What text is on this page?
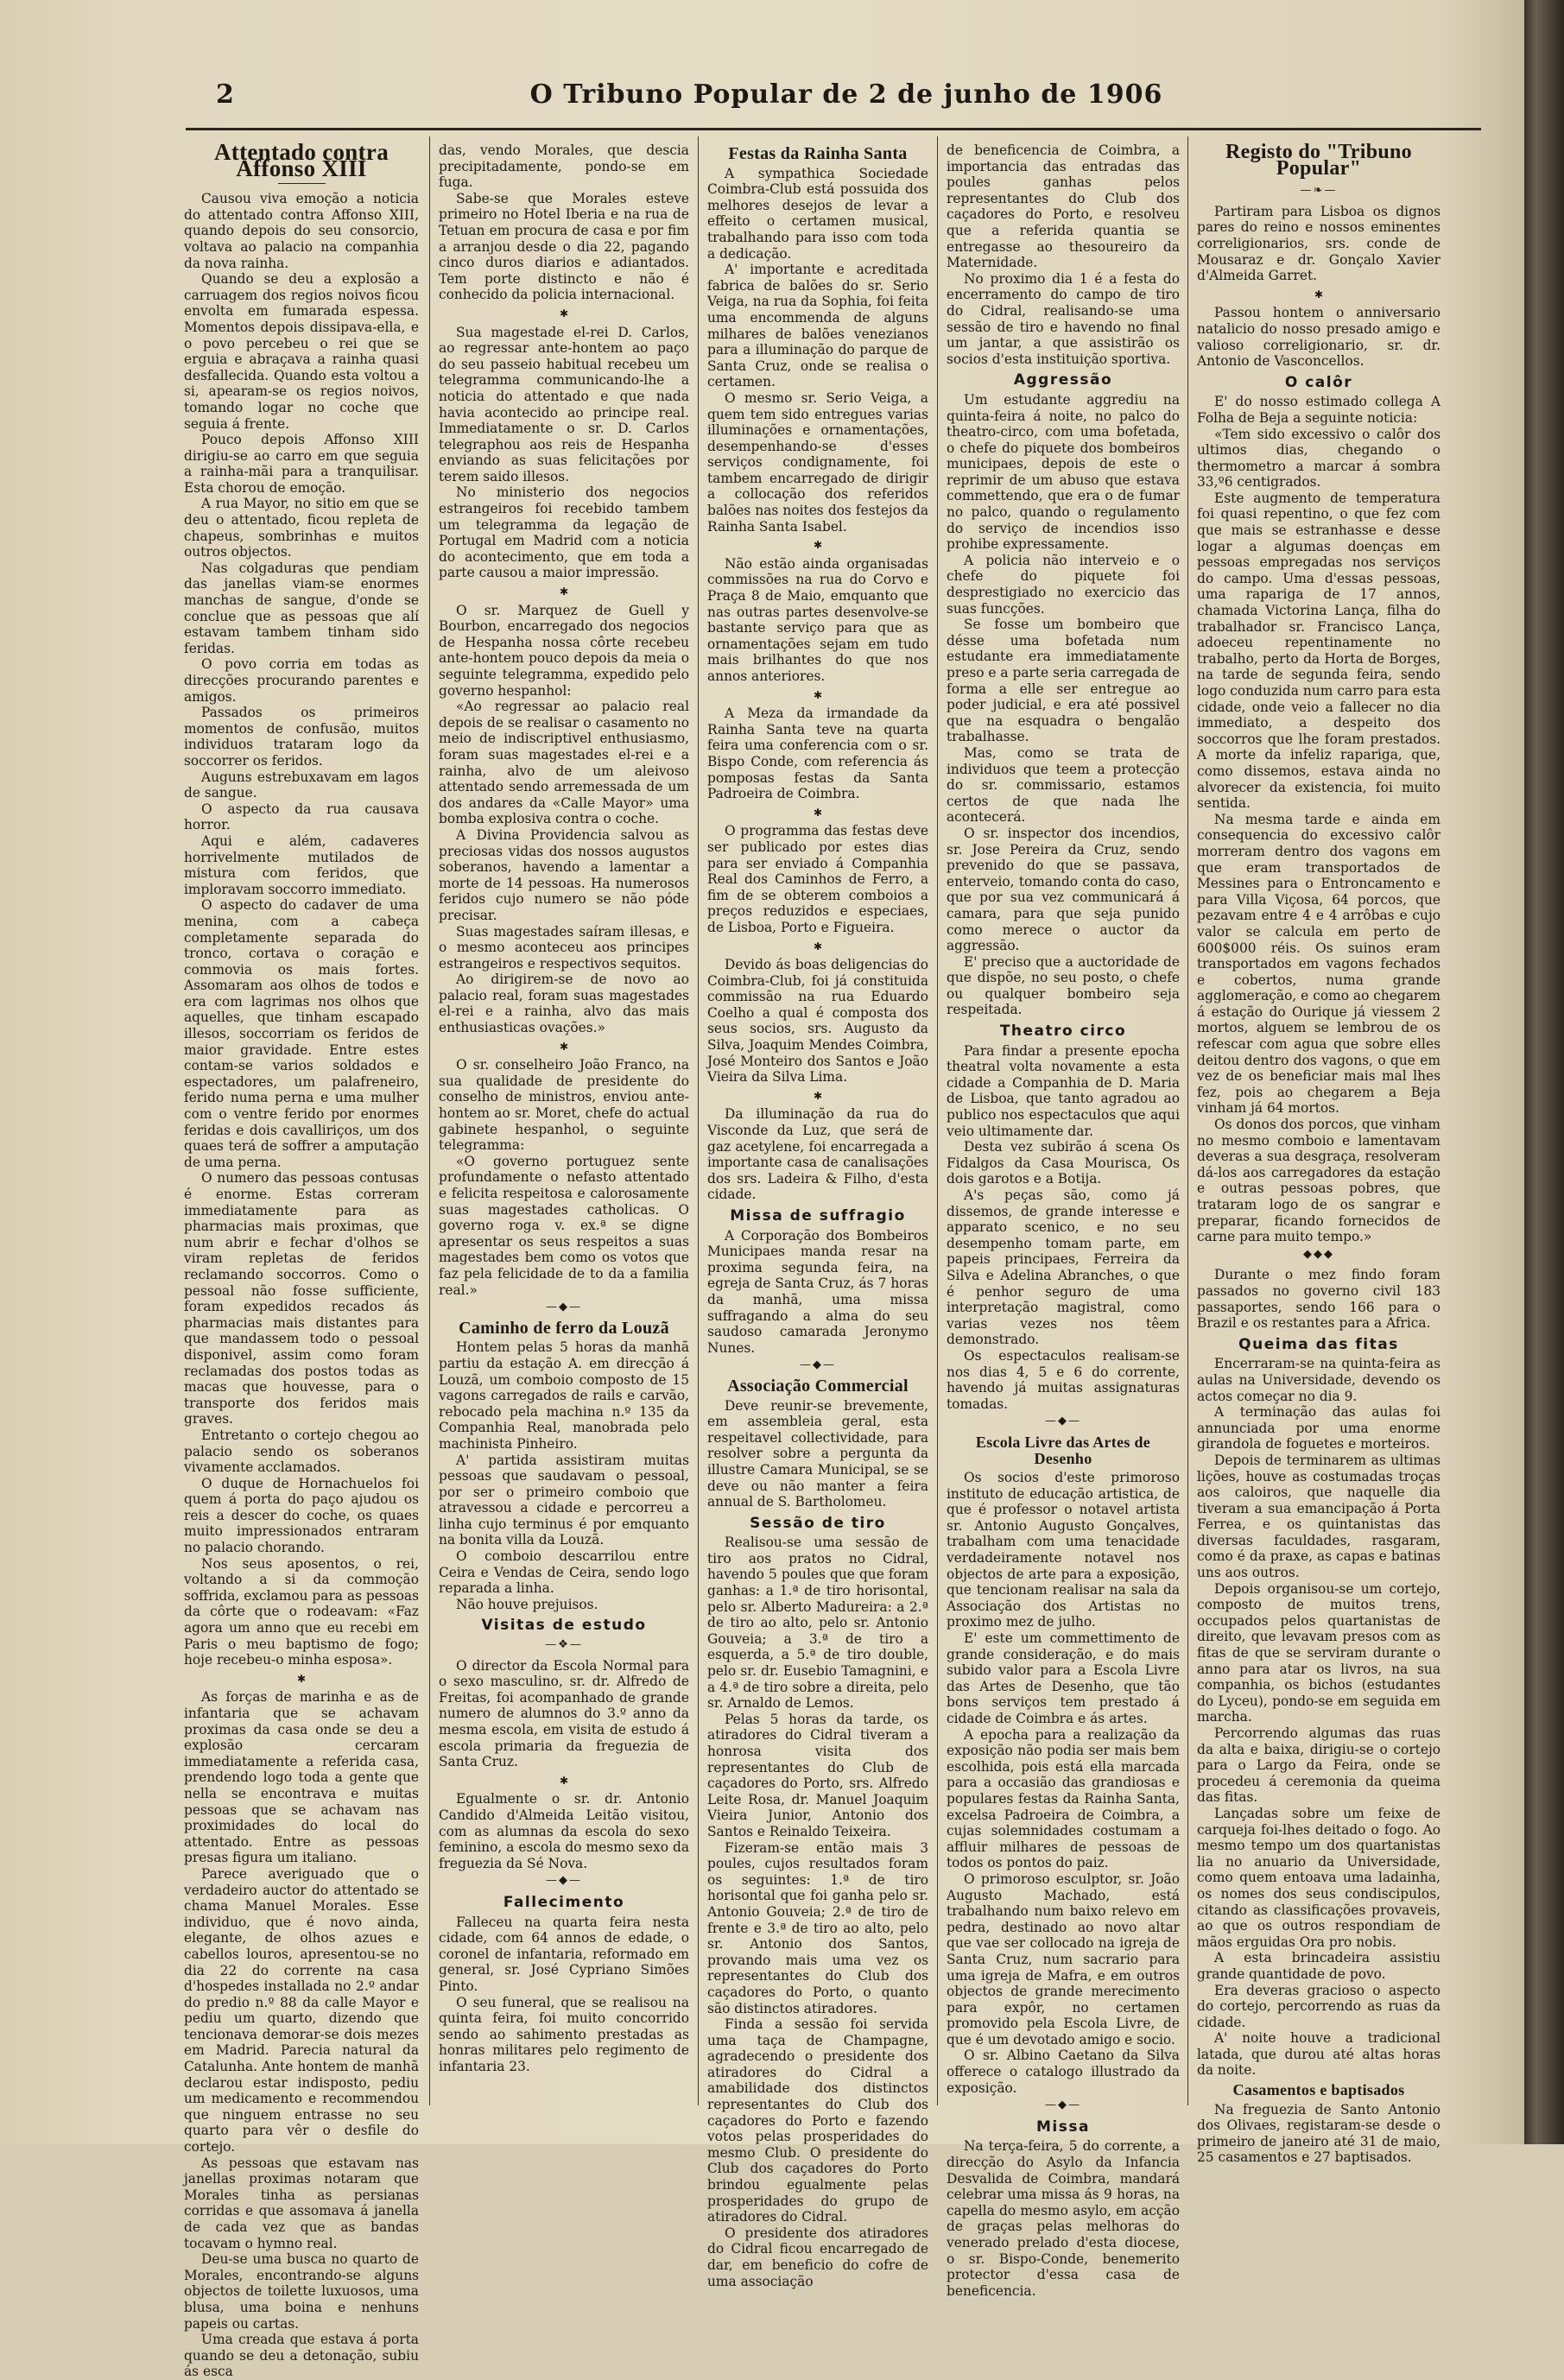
2	O Tribuno Popular de 2 de junho de 1906
Attentado contra Affonso XIII

Causou viva emoção a noticia do attentado contra Affonso XIII, quando depois do seu consorcio, voltava ao palacio na companhia da nova rainha.

Quando se deu a explosão a carruagem dos regios noivos ficou envolta em fumarada espessa. Momentos depois dissipava-ella, e o povo percebeu o rei que se erguia e abraçava a rainha quasi desfallecida. Quando esta voltou a si, apearam-se os regios noivos, tomando logar no coche que seguia á frente.

Pouco depois Affonso XIII dirigiu-se ao carro em que seguia a rainha-mãi para a tranquilisar. Esta chorou de emoção.

A rua Mayor, no sitio em que se deu o attentado, ficou repleta de chapeus, sombrinhas e muitos outros objectos.

Nas colgaduras que pendiam das janellas viam-se enormes manchas de sangue, d'onde se conclue que as pessoas que alí estavam tambem tinham sido feridas.

O povo corria em todas as direcções procurando parentes e amigos.

Passados os primeiros momentos de confusão, muitos individuos trataram logo da soccorrer os feridos.

Auguns estrebuxavam em lagos de sangue.

O aspecto da rua causava horror.

Aqui e além, cadaveres horrivelmente mutilados de mistura com feridos, que imploravam soccorro immediato.

O aspecto do cadaver de uma menina, com a cabeça completamente separada do tronco, cortava o coração e commovia os mais fortes. Assomaram aos olhos de todos e era com lagrimas nos olhos que aquelles, que tinham escapado illesos, soccorriam os feridos de maior gravidade. Entre estes contam-se varios soldados e espectadores, um palafreneiro, ferido numa perna e uma mulher com o ventre ferido por enormes feridas e dois cavalliriços, um dos quaes terá de soffrer a amputação de uma perna.

O numero das pessoas contusas é enorme. Estas correram immediatamente para as pharmacias mais proximas, que num abrir e fechar d'olhos se viram repletas de feridos reclamando soccorros. Como o pessoal não fosse sufficiente, foram expedidos recados ás pharmacias mais distantes para que mandassem todo o pessoal disponivel, assim como foram reclamadas dos postos todas as macas que houvesse, para o transporte dos feridos mais graves.

Entretanto o cortejo chegou ao palacio sendo os soberanos vivamente acclamados.

O duque de Hornachuelos foi quem á porta do paço ajudou os reis a descer do coche, os quaes muito impressionados entraram no palacio chorando.

Nos seus aposentos, o rei, voltando a si da commoção soffrida, exclamou para as pessoas da côrte que o rodeavam: «Faz agora um anno que eu recebi em Paris o meu baptismo de fogo; hoje recebeu-o minha esposa».

✱

As forças de marinha e as de infantaria que se achavam proximas da casa onde se deu a explosão cercaram immediatamente a referida casa, prendendo logo toda a gente que nella se encontrava e muitas pessoas que se achavam nas proximidades do local do attentado. Entre as pessoas presas figura um italiano.

Parece averiguado que o verdadeiro auctor do attentado se chama Manuel Morales. Esse individuo, que é novo ainda, elegante, de olhos azues e cabellos louros, apresentou-se no dia 22 do corrente na casa d'hospedes installada no 2.º andar do predio n.º 88 da calle Mayor e pediu um quarto, dizendo que tencionava demorar-se dois mezes em Madrid. Parecia natural da Catalunha. Ante hontem de manhã declarou estar indisposto, pediu um medicamento e recommendou que ninguem entrasse no seu quarto para vêr o desfile do cortejo.

As pessoas que estavam nas janellas proximas notaram que Morales tinha as persianas corridas e que assomava á janella de cada vez que as bandas tocavam o hymno real.

Deu-se uma busca no quarto de Morales, encontrando-se alguns objectos de toilette luxuosos, uma blusa, uma boina e nenhuns papeis ou cartas.

Uma creada que estava á porta quando se deu a detonação, subiu ás esca

das, vendo Morales, que descia precipitadamente, pondo-se em fuga.

Sabe-se que Morales esteve primeiro no Hotel Iberia e na rua de Tetuan em procura de casa e por fim a arranjou desde o dia 22, pagando cinco duros diarios e adiantados. Tem porte distincto e não é conhecido da policia internacional.

✱

Sua magestade el-rei D. Carlos, ao regressar ante-hontem ao paço do seu passeio habitual recebeu um telegramma communicando-lhe a noticia do attentado e que nada havia acontecido ao principe real. Immediatamente o sr. D. Carlos telegraphou aos reis de Hespanha enviando as suas felicitações por terem saido illesos.

No ministerio dos negocios estrangeiros foi recebido tambem um telegramma da legação de Portugal em Madrid com a noticia do acontecimento, que em toda a parte causou a maior impressão.

✱

O sr. Marquez de Guell y Bourbon, encarregado dos negocios de Hespanha nossa côrte recebeu ante-hontem pouco depois da meia o seguinte telegramma, expedido pelo governo hespanhol:

«Ao regressar ao palacio real depois de se realisar o casamento no meio de indiscriptivel enthusiasmo, foram suas magestades el-rei e a rainha, alvo de um aleivoso attentado sendo arremessada de um dos andares da «Calle Mayor» uma bomba explosiva contra o coche.

A Divina Providencia salvou as preciosas vidas dos nossos augustos soberanos, havendo a lamentar a morte de 14 pessoas. Ha numerosos feridos cujo numero se não póde precisar.

Suas magestades saíram illesas, e o mesmo aconteceu aos principes estrangeiros e respectivos sequitos.

Ao dirigirem-se de novo ao palacio real, foram suas magestades el-rei e a rainha, alvo das mais enthusiasticas ovações.»

✱

O sr. conselheiro João Franco, na sua qualidade de presidente do conselho de ministros, enviou ante-hontem ao sr. Moret, chefe do actual gabinete hespanhol, o seguinte telegramma:

«O governo portuguez sente profundamente o nefasto attentado e felicita respeitosa e calorosamente suas magestades catholicas. O governo roga v. ex.ª se digne apresentar os seus respeitos a suas magestades bem como os votos que faz pela felicidade de to da a familia real.»

—◆—
Caminho de ferro da Louzã

Hontem pelas 5 horas da manhã partiu da estação A. em direcção á Louzã, um comboio composto de 15 vagons carregados de rails e carvão, rebocado pela machina n.º 135 da Companhia Real, manobrada pelo machinista Pinheiro.

A' partida assistiram muitas pessoas que saudavam o pessoal, por ser o primeiro comboio que atravessou a cidade e percorreu a linha cujo terminus é por emquanto na bonita villa da Louzã.

O comboio descarrilou entre Ceira e Vendas de Ceira, sendo logo reparada a linha.

Não houve prejuisos.

Visitas de estudo
—❖—

O director da Escola Normal para o sexo masculino, sr. dr. Alfredo de Freitas, foi acompanhado de grande numero de alumnos do 3.º anno da mesma escola, em visita de estudo á escola primaria da freguezia de Santa Cruz.

✱

Egualmente o sr. dr. Antonio Candido d'Almeida Leitão visitou, com as alumnas da escola do sexo feminino, a escola do mesmo sexo da freguezia da Sé Nova.

—◆—
Fallecimento

Falleceu na quarta feira nesta cidade, com 64 annos de edade, o coronel de infantaria, reformado em general, sr. José Cypriano Simões Pinto.

O seu funeral, que se realisou na quinta feira, foi muito concorrido sendo ao sahimento prestadas as honras militares pelo regimento de infantaria 23.

Festas da Rainha Santa

A sympathica Sociedade Coimbra-Club está possuida dos melhores desejos de levar a effeito o certamen musical, trabalhando para isso com toda a dedicação.

A' importante e acreditada fabrica de balões do sr. Serio Veiga, na rua da Sophia, foi feita uma encommenda de alguns milhares de balões venezianos para a illuminação do parque de Santa Cruz, onde se realisa o certamen.

O mesmo sr. Serio Veiga, a quem tem sido entregues varias illuminações e ornamentações, desempenhando-se d'esses serviços condignamente, foi tambem encarregado de dirigir a collocação dos referidos balões nas noites dos festejos da Rainha Santa Isabel.

✱

Não estão ainda organisadas commissões na rua do Corvo e Praça 8 de Maio, emquanto que nas outras partes desenvolve-se bastante serviço para que as ornamentações sejam em tudo mais brilhantes do que nos annos anteriores.

✱

A Meza da irmandade da Rainha Santa teve na quarta feira uma conferencia com o sr. Bispo Conde, com referencia ás pomposas festas da Santa Padroeira de Coimbra.

✱

O programma das festas deve ser publicado por estes dias para ser enviado á Companhia Real dos Caminhos de Ferro, a fim de se obterem comboios a preços reduzidos e especiaes, de Lisboa, Porto e Figueira.

✱

Devido ás boas deligencias do Coimbra-Club, foi já constituida commissão na rua Eduardo Coelho a qual é composta dos seus socios, srs. Augusto da Silva, Joaquim Mendes Coimbra, José Monteiro dos Santos e João Vieira da Silva Lima.

✱

Da illuminação da rua do Visconde da Luz, que será de gaz acetylene, foi encarregada a importante casa de canalisações dos srs. Ladeira & Filho, d'esta cidade.

Missa de suffragio

A Corporação dos Bombeiros Municipaes manda resar na proxima segunda feira, na egreja de Santa Cruz, ás 7 horas da manhã, uma missa suffragando a alma do seu saudoso camarada Jeronymo Nunes.

—◆—
Associação Commercial

Deve reunir-se brevemente, em assembleia geral, esta respeitavel collectividade, para resolver sobre a pergunta da illustre Camara Municipal, se se deve ou não manter a feira annual de S. Bartholomeu.

Sessão de tiro

Realisou-se uma sessão de tiro aos pratos no Cidral, havendo 5 poules que que foram ganhas: a 1.ª de tiro horisontal, pelo sr. Alberto Madureira: a 2.ª de tiro ao alto, pelo sr. Antonio Gouveia; a 3.ª de tiro a esquerda, a 5.ª de tiro double, pelo sr. dr. Eusebio Tamagnini, e a 4.ª de tiro sobre a direita, pelo sr. Arnaldo de Lemos.

Pelas 5 horas da tarde, os atiradores do Cidral tiveram a honrosa visita dos representantes do Club de caçadores do Porto, srs. Alfredo Leite Rosa, dr. Manuel Joaquim Vieira Junior, Antonio dos Santos e Reinaldo Teixeira.

Fizeram-se então mais 3 poules, cujos resultados foram os seguintes: 1.ª de tiro horisontal que foi ganha pelo sr. Antonio Gouveia; 2.ª de tiro de frente e 3.ª de tiro ao alto, pelo sr. Antonio dos Santos, provando mais uma vez os representantes do Club dos caçadores do Porto, o quanto são distinctos atiradores.

Finda a sessão foi servida uma taça de Champagne, agradecendo o presidente dos atiradores do Cidral a amabilidade dos distinctos representantes do Club dos caçadores do Porto e fazendo votos pelas prosperidades do mesmo Club. O presidente do Club dos caçadores do Porto brindou egualmente pelas prosperidades do grupo de atiradores do Cidral.

O presidente dos atiradores do Cidral ficou encarregado de dar, em beneficio do cofre de uma associação

de beneficencia de Coimbra, a importancia das entradas das poules ganhas pelos representantes do Club dos caçadores do Porto, e resolveu que a referida quantia se entregasse ao thesoureiro da Maternidade.

No proximo dia 1 é a festa do encerramento do campo de tiro do Cidral, realisando-se uma sessão de tiro e havendo no final um jantar, a que assistirão os socios d'esta instituição sportiva.

Aggressão

Um estudante aggrediu na quinta-feira á noite, no palco do theatro-circo, com uma bofetada, o chefe do piquete dos bombeiros municipaes, depois de este o reprimir de um abuso que estava commettendo, que era o de fumar no palco, quando o regulamento do serviço de incendios isso prohibe expressamente.

A policia não interveio e o chefe do piquete foi desprestigiado no exercicio das suas funcções.

Se fosse um bombeiro que désse uma bofetada num estudante era immediatamente preso e a parte seria carregada de forma a elle ser entregue ao poder judicial, e era até possivel que na esquadra o bengalão trabalhasse.

Mas, como se trata de individuos que teem a protecção do sr. commissario, estamos certos de que nada lhe acontecerá.

O sr. inspector dos incendios, sr. Jose Pereira da Cruz, sendo prevenido do que se passava, enterveio, tomando conta do caso, que por sua vez communicará á camara, para que seja punido como merece o auctor da aggressão.

E' preciso que a auctoridade de que dispõe, no seu posto, o chefe ou qualquer bombeiro seja respeitada.

Theatro circo

Para findar a presente epocha theatral volta novamente a esta cidade a Companhia de D. Maria de Lisboa, que tanto agradou ao publico nos espectaculos que aqui veio ultimamente dar.

Desta vez subirão á scena Os Fidalgos da Casa Mourisca, Os dois garotos e a Botija.

A's peças são, como já dissemos, de grande interesse e apparato scenico, e no seu desempenho tomam parte, em papeis principaes, Ferreira da Silva e Adelina Abranches, o que é penhor seguro de uma interpretação magistral, como varias vezes nos têem demonstrado.

Os espectaculos realisam-se nos dias 4, 5 e 6 do corrente, havendo já muitas assignaturas tomadas.

—◆—
Escola Livre das Artes de Desenho

Os socios d'este primoroso instituto de educação artistica, de que é professor o notavel artista sr. Antonio Augusto Gonçalves, trabalham com uma tenacidade verdadeiramente notavel nos objectos de arte para a exposição, que tencionam realisar na sala da Associação dos Artistas no proximo mez de julho.

E' este um commettimento de grande consideração, e do mais subido valor para a Escola Livre das Artes de Desenho, que tão bons serviços tem prestado á cidade de Coimbra e ás artes.

A epocha para a realização da exposição não podia ser mais bem escolhida, pois está ella marcada para a occasião das grandiosas e populares festas da Rainha Santa, excelsa Padroeira de Coimbra, a cujas solemnidades costumam a affluir milhares de pessoas de todos os pontos do paiz.

O primoroso esculptor, sr. João Augusto Machado, está trabalhando num baixo relevo em pedra, destinado ao novo altar que vae ser collocado na igreja de Santa Cruz, num sacrario para uma igreja de Mafra, e em outros objectos de grande merecimento para expôr, no certamen promovido pela Escola Livre, de que é um devotado amigo e socio.

O sr. Albino Caetano da Silva offerece o catalogo illustrado da exposição.

—◆—
Missa

Na terça-feira, 5 do corrente, a direcção do Asylo da Infancia Desvalida de Coimbra, mandará celebrar uma missa ás 9 horas, na capella do mesmo asylo, em acção de graças pelas melhoras do venerado prelado d'esta diocese, o sr. Bispo-Conde, benemerito protector d'essa casa de beneficencia.

Registo do "Tribuno Popular"
—❧—

Partiram para Lisboa os dignos pares do reino e nossos eminentes correligionarios, srs. conde de Mousaraz e dr. Gonçalo Xavier d'Almeida Garret.

✱

Passou hontem o anniversario natalicio do nosso presado amigo e valioso correligionario, sr. dr. Antonio de Vasconcellos.

O calôr

E' do nosso estimado collega A Folha de Beja a seguinte noticia:

«Tem sido excessivo o calôr dos ultimos dias, chegando o thermometro a marcar á sombra 33,º6 centigrados.

Este augmento de temperatura foi quasi repentino, o que fez com que mais se estranhasse e desse logar a algumas doenças em pessoas empregadas nos serviços do campo. Uma d'essas pessoas, uma rapariga de 17 annos, chamada Victorina Lança, filha do trabalhador sr. Francisco Lança, adoeceu repentinamente no trabalho, perto da Horta de Borges, na tarde de segunda feira, sendo logo conduzida num carro para esta cidade, onde veio a fallecer no dia immediato, a despeito dos soccorros que lhe foram prestados. A morte da infeliz rapariga, que, como dissemos, estava ainda no alvorecer da existencia, foi muito sentida.

Na mesma tarde e ainda em consequencia do excessivo calôr morreram dentro dos vagons em que eram transportados de Messines para o Entroncamento e para Villa Viçosa, 64 porcos, que pezavam entre 4 e 4 arrôbas e cujo valor se calcula em perto de 600$000 réis. Os suinos eram transportados em vagons fechados e cobertos, numa grande agglomeração, e como ao chegarem á estação do Ourique já viessem 2 mortos, alguem se lembrou de os refescar com agua que sobre elles deitou dentro dos vagons, o que em vez de os beneficiar mais mal lhes fez, pois ao chegarem a Beja vinham já 64 mortos.

Os donos dos porcos, que vinham no mesmo comboio e lamentavam deveras a sua desgraça, resolveram dá-los aos carregadores da estação e outras pessoas pobres, que trataram logo de os sangrar e preparar, ficando fornecidos de carne para muito tempo.»

◆◆◆

Durante o mez findo foram passados no governo civil 183 passaportes, sendo 166 para o Brazil e os restantes para a Africa.

Queima das fitas

Encerraram-se na quinta-feira as aulas na Universidade, devendo os actos começar no dia 9.

A terminação das aulas foi annunciada por uma enorme girandola de foguetes e morteiros.

Depois de terminarem as ultimas lições, houve as costumadas troças aos caloiros, que naquelle dia tiveram a sua emancipação á Porta Ferrea, e os quintanistas das diversas faculdades, rasgaram, como é da praxe, as capas e batinas uns aos outros.

Depois organisou-se um cortejo, composto de muitos trens, occupados pelos quartanistas de direito, que levavam presos com as fitas de que se serviram durante o anno para atar os livros, na sua companhia, os bichos (estudantes do Lyceu), pondo-se em seguida em marcha.

Percorrendo algumas das ruas da alta e baixa, dirigiu-se o cortejo para o Largo da Feira, onde se procedeu á ceremonia da queima das fitas.

Lançadas sobre um feixe de carqueja foi-lhes deitado o fogo. Ao mesmo tempo um dos quartanistas lia no anuario da Universidade, como quem entoava uma ladainha, os nomes dos seus condiscipulos, citando as classificações provaveis, ao que os outros respondiam de mãos erguidas Ora pro nobis.

A esta brincadeira assistiu grande quantidade de povo.

Era deveras gracioso o aspecto do cortejo, percorrendo as ruas da cidade.

A' noite houve a tradicional latada, que durou até altas horas da noite.

Casamentos e baptisados

Na freguezia de Santo Antonio dos Olivaes, registaram-se desde o primeiro de janeiro até 31 de maio, 25 casamentos e 27 baptisados.
